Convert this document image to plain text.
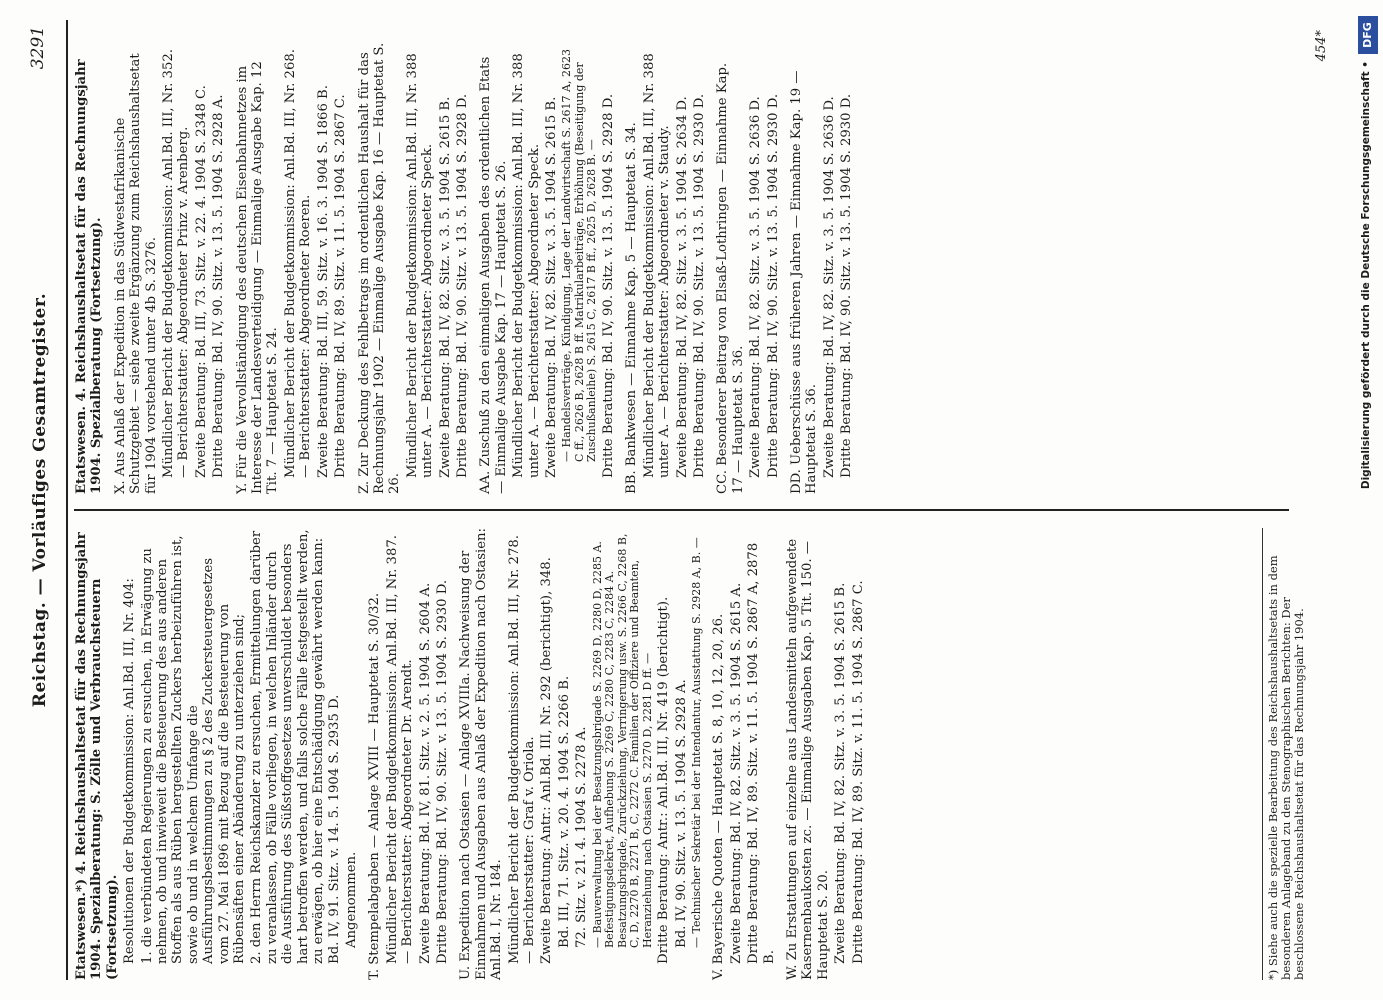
Reichstag. — Vorläufiges Gesamtregister.
3291

Etatswesen.*) 4. Reichshaushaltsetat für das Rechnungsjahr 1904. Spezialberatung: S. Zölle und Verbrauchsteuern (Fortsetzung). Resolutionen der Budgetkommission: Anl.Bd. III, Nr. 404: 1. die verbündeten Regierungen zu ersuchen, in Erwägung zu nehmen, ob und inwieweit die Besteuerung des aus anderen Stoffen als aus Rüben hergestellten Zuckers herbeizuführen ist, sowie ob und in welchem Umfange die Ausführungsbestimmungen zu § 2 des Zuckersteuergesetzes vom 27. Mai 1896 mit Bezug auf die Besteuerung von Rübensäften einer Abänderung zu unterziehen sind; 2. den Herrn Reichskanzler zu ersuchen, Ermittelungen darüber zu veranlassen, ob Fälle vorliegen, in welchen Inländer durch die Ausführung des Süßstoffgesetzes unverschuldet besonders hart betroffen werden, und falls solche Fälle festgestellt werden, zu erwägen, ob hier eine Entschädigung gewährt werden kann: Bd. IV, 91. Sitz. v. 14. 5. 1904 S. 2935 D. Angenommen. T. Stempelabgaben — Anlage XVIII — Hauptetat S. 30/32. Mündlicher Bericht der Budgetkommission: Anl.Bd. III, Nr. 387. — Berichterstatter: Abgeordneter Dr. Arendt. Zweite Beratung: Bd. IV, 81. Sitz. v. 2. 5. 1904 S. 2604 A. Dritte Beratung: Bd. IV, 90. Sitz. v. 13. 5. 1904 S. 2930 D. U. Expedition nach Ostasien — Anlage XVIIIa. Nachweisung der Einnahmen und Ausgaben aus Anlaß der Expedition nach Ostasien: Anl.Bd. I, Nr. 184. Mündlicher Bericht der Budgetkommission: Anl.Bd. III, Nr. 278. — Berichterstatter: Graf v. Oriola. Zweite Beratung: Antr.: Anl.Bd. III, Nr. 292 (berichtigt), 348. Bd. III, 71. Sitz. v. 20. 4. 1904 S. 2266 B. 72. Sitz. v. 21. 4. 1904 S. 2278 A. — Bauverwaltung bei der Besatzungsbrigade S. 2269 D, 2280 D, 2285 A. Befestigungsdekret, Aufhebung S. 2269 C, 2280 C, 2283 C, 2284 A. Besatzungsbrigade, Zurückziehung, Verringerung usw. S. 2266 C, 2268 B, C, D, 2270 B, 2271 B, C, 2272 C. Familien der Offiziere und Beamten, Heranziehung nach Ostasien S. 2270 D, 2281 D ff. — Dritte Beratung: Antr.: Anl.Bd. III, Nr. 419 (berichtigt). Bd. IV, 90. Sitz. v. 13. 5. 1904 S. 2928 A. — Technischer Sekretär bei der Intendantur, Ausstattung S. 2928 A, B. — V. Bayerische Quoten — Hauptetat S. 8, 10, 12, 20, 26. Zweite Beratung: Bd. IV, 82. Sitz. v. 3. 5. 1904 S. 2615 A. Dritte Beratung: Bd. IV, 89. Sitz. v. 11. 5. 1904 S. 2867 A, 2878 B. W. Zu Erstattungen auf einzelne aus Landesmitteln aufgewendete Kasernenbaukosten zc. — Einmalige Ausgaben Kap. 5 Tit. 150. — Hauptetat S. 20. Zweite Beratung: Bd. IV, 82. Sitz. v. 3. 5. 1904 S. 2615 B. Dritte Beratung: Bd. IV, 89. Sitz. v. 11. 5. 1904 S. 2867 C.

Etatswesen. 4. Reichshaushaltsetat für das Rechnungsjahr 1904. Spezialberatung (Fortsetzung). X. Aus Anlaß der Expedition in das Südwestafrikanische Schutzgebiet — siehe zweite Ergänzung zum Reichshaushaltsetat für 1904 vorstehend unter 4b S. 3276. Mündlicher Bericht der Budgetkommission: Anl.Bd. III, Nr. 352. — Berichterstatter: Abgeordneter Prinz v. Arenberg. Zweite Beratung: Bd. III, 73. Sitz. v. 22. 4. 1904 S. 2348 C. Dritte Beratung: Bd. IV, 90. Sitz. v. 13. 5. 1904 S. 2928 A. Y. Für die Vervollständigung des deutschen Eisenbahnnetzes im Interesse der Landesverteidigung — Einmalige Ausgabe Kap. 12 Tit. 7 — Hauptetat S. 24. Mündlicher Bericht der Budgetkommission: Anl.Bd. III, Nr. 268. — Berichterstatter: Abgeordneter Roeren. Zweite Beratung: Bd. III, 59. Sitz. v. 16. 3. 1904 S. 1866 B. Dritte Beratung: Bd. IV, 89. Sitz. v. 11. 5. 1904 S. 2867 C. Z. Zur Deckung des Fehlbetrags im ordentlichen Haushalt für das Rechnungsjahr 1902 — Einmalige Ausgabe Kap. 16 — Hauptetat S. 26.

Mündlicher Bericht der Budgetkommission: Anl.Bd. III, Nr. 388 unter A. — Berichterstatter: Abgeordneter Speck. Zweite Beratung: Bd. IV, 82. Sitz. v. 3. 5. 1904 S. 2615 B. Dritte Beratung: Bd. IV, 90. Sitz. v. 13. 5. 1904 S. 2928 D. AA. Zuschuß zu den einmaligen Ausgaben des ordentlichen Etats — Einmalige Ausgabe Kap. 17 — Hauptetat S. 26. Mündlicher Bericht der Budgetkommission: Anl.Bd. III, Nr. 388 unter A. — Berichterstatter: Abgeordneter Speck. Zweite Beratung: Bd. IV, 82. Sitz. v. 3. 5. 1904 S. 2615 B. — Handelsverträge, Kündigung, Lage der Landwirtschaft S. 2617 A, 2623 C ff., 2626 B, 2628 B ff. Matrikularbeiträge, Erhöhung (Beseitigung der Zuschußanleihe) S. 2615 C, 2617 B ff., 2625 D, 2628 B. — Dritte Beratung: Bd. IV, 90. Sitz. v. 13. 5. 1904 S. 2928 D. BB. Bankwesen — Einnahme Kap. 5 — Hauptetat S. 34. Mündlicher Bericht der Budgetkommission: Anl.Bd. III, Nr. 388 unter A. — Berichterstatter: Abgeordneter v. Staudy. Zweite Beratung: Bd. IV, 82. Sitz. v. 3. 5. 1904 S. 2634 D. Dritte Beratung: Bd. IV, 90. Sitz. v. 13. 5. 1904 S. 2930 D. CC. Besonderer Beitrag von Elsaß-Lothringen — Einnahme Kap. 17 — Hauptetat S. 36. Zweite Beratung: Bd. IV, 82. Sitz. v. 3. 5. 1904 S. 2636 D. Dritte Beratung: Bd. IV, 90. Sitz. v. 13. 5. 1904 S. 2930 D. DD. Ueberschüsse aus früheren Jahren — Einnahme Kap. 19 — Hauptetat S. 36. Zweite Beratung: Bd. IV, 82. Sitz. v. 3. 5. 1904 S. 2636 D. Dritte Beratung: Bd. IV, 90. Sitz. v. 13. 5. 1904 S. 2930 D.

*) Siehe auch die spezielle Bearbeitung des Reichshaushaltsetats in dem besonderen Anlageband zu den Stenographischen Berichten: Der beschlossene Reichshaushaltsetat für das Rechnungsjahr 1904.
454*
Digitalisierung gefördert durch die Deutsche Forschungsgemeinschaft •
DFG
